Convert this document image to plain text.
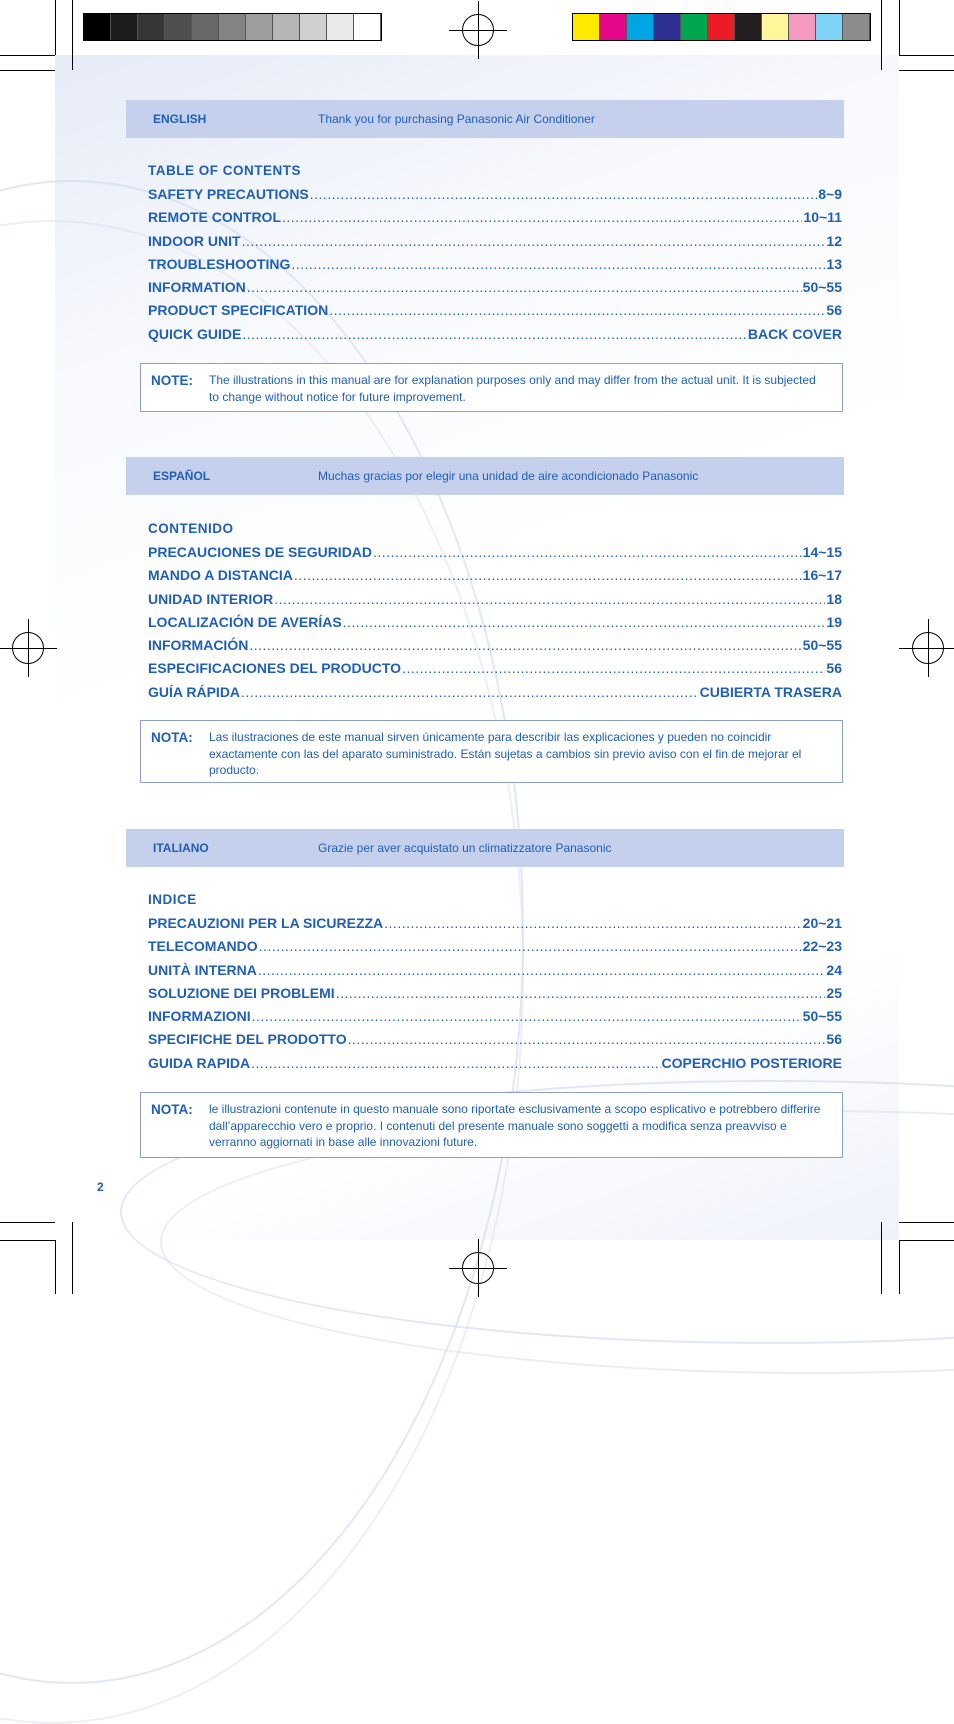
ENGLISH	Thank you for purchasing Panasonic Air Conditioner
TABLE OF CONTENTS
SAFETY PRECAUTIONS .....	8~9
REMOTE CONTROL .....	10~11
INDOOR UNIT .....	12
TROUBLESHOOTING .....	13
INFORMATION .....	50~55
PRODUCT SPECIFICATION .....	56
QUICK GUIDE .....	BACK COVER
NOTE: The illustrations in this manual are for explanation purposes only and may differ from the actual unit. It is subjected to change without notice for future improvement.
ESPAÑOL	Muchas gracias por elegir una unidad de aire acondicionado Panasonic
CONTENIDO
PRECAUCIONES DE SEGURIDAD .....	14~15
MANDO A DISTANCIA .....	16~17
UNIDAD INTERIOR .....	18
LOCALIZACIÓN DE AVERÍAS .....	19
INFORMACIÓN .....	50~55
ESPECIFICACIONES DEL PRODUCTO .....	56
GUÍA RÁPIDA .....	CUBIERTA TRASERA
NOTA: Las ilustraciones de este manual sirven únicamente para describir las explicaciones y pueden no coincidir exactamente con las del aparato suministrado. Están sujetas a cambios sin previo aviso con el fin de mejorar el producto.
ITALIANO	Grazie per aver acquistato un climatizzatore Panasonic
INDICE
PRECAUZIONI PER LA SICUREZZA .....	20~21
TELECOMANDO .....	22~23
UNITÀ INTERNA .....	24
SOLUZIONE DEI PROBLEMI .....	25
INFORMAZIONI .....	50~55
SPECIFICHE DEL PRODOTTO .....	56
GUIDA RAPIDA .....	COPERCHIO POSTERIORE
NOTA: le illustrazioni contenute in questo manuale sono riportate esclusivamente a scopo esplicativo e potrebbero differire dall’apparecchio vero e proprio. I contenuti del presente manuale sono soggetti a modifica senza preavviso e verranno aggiornati in base alle innovazioni future.
2
